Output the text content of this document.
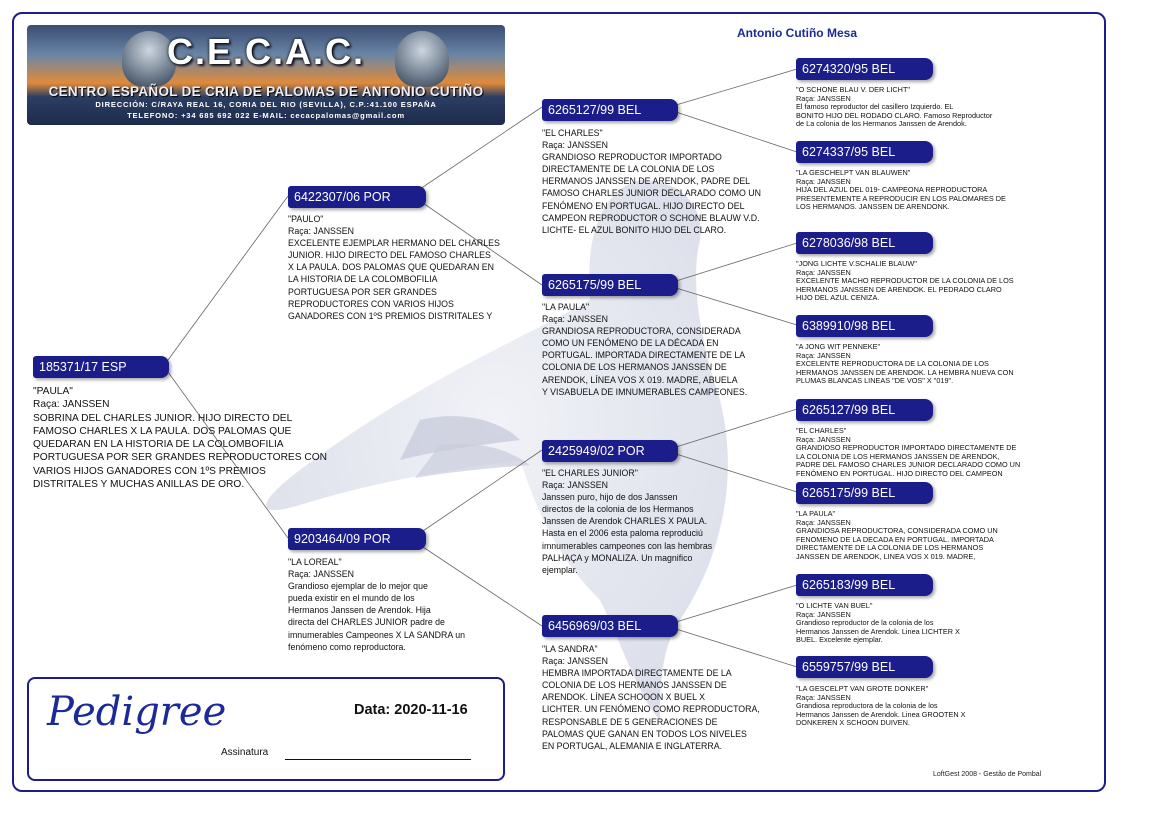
C.E.C.A.C.
CENTRO ESPAÑOL DE CRIA DE PALOMAS DE ANTONIO CUTIÑO
DIRECCIÓN: C/RAYA REAL 16, CORIA DEL RIO (SEVILLA), C.P.:41.100 ESPAÑA
TELEFONO: +34 685 692 022 E-MAIL: cecacpalomas@gmail.com
Antonio Cutiño Mesa
185371/17 ESP
"PAULA"
Raça: JANSSEN
SOBRINA DEL CHARLES JUNIOR. HIJO DIRECTO DEL
FAMOSO CHARLES X LA PAULA. DOS PALOMAS QUE
QUEDARAN EN LA HISTORIA DE LA COLOMBOFILIA
PORTUGUESA POR SER GRANDES REPRODUCTORES CON
VARIOS HIJOS GANADORES CON 1ºS PREMIOS
DISTRITALES Y MUCHAS ANILLAS DE ORO.
6422307/06 POR
"PAULO"
Raça: JANSSEN
EXCELENTE EJEMPLAR HERMANO DEL CHARLES
JUNIOR. HIJO DIRECTO DEL FAMOSO CHARLES
X LA PAULA. DOS PALOMAS QUE QUEDARAN EN
LA HISTORIA DE LA COLOMBOFILIA
PORTUGUESA POR SER GRANDES
REPRODUCTORES CON VARIOS HIJOS
GANADORES CON 1ºS PREMIOS DISTRITALES Y
9203464/09 POR
"LA LOREAL"
Raça: JANSSEN
Grandioso ejemplar de lo mejor que
pueda existir en el mundo de los
Hermanos Janssen de Arendok. Hija
directa del CHARLES JUNIOR padre de
imnumerables Campeones X LA SANDRA un
fenómeno como reproductora.
6265127/99 BEL
"EL CHARLES"
Raça: JANSSEN
GRANDIOSO REPRODUCTOR IMPORTADO
DIRECTAMENTE DE LA COLONIA DE LOS
HERMANOS JANSSEN DE ARENDOK, PADRE DEL
FAMOSO CHARLES JUNIOR DECLARADO COMO UN
FENÓMENO EN PORTUGAL. HIJO DIRECTO DEL
CAMPEON REPRODUCTOR O SCHONE BLAUW V.D.
LICHTE- EL AZUL BONITO HIJO DEL CLARO.
6265175/99 BEL
"LA PAULA"
Raça: JANSSEN
GRANDIOSA REPRODUCTORA, CONSIDERADA
COMO UN FENÓMENO DE LA DÉCADA EN
PORTUGAL. IMPORTADA DIRECTAMENTE DE LA
COLONIA DE LOS HERMANOS JANSSEN DE
ARENDOK, LÍNEA VOS X 019. MADRE, ABUELA
Y VISABUELA DE IMNUMERABLES CAMPEONES.
2425949/02 POR
"EL CHARLES JUNIOR"
Raça: JANSSEN
Janssen puro, hijo de dos Janssen
directos de la colonia de los Hermanos
Janssen de Arendok CHARLES X PAULA.
Hasta en el 2006 esta paloma reproduciú
imnumerables campeones con las hembras
PALHAÇA y MONALIZA. Un magnifico
ejemplar.
6456969/03 BEL
"LA SANDRA"
Raça: JANSSEN
HEMBRA IMPORTADA DIRECTAMENTE DE LA
COLONIA DE LOS HERMANOS JANSSEN DE
ARENDOK. LÍNEA SCHOOON X BUEL X
LICHTER. UN FENÓMENO COMO REPRODUCTORA,
RESPONSABLE DE 5 GENERACIONES DE
PALOMAS QUE GANAN EN TODOS LOS NIVELES
EN PORTUGAL, ALEMANIA E INGLATERRA.
6274320/95 BEL
"O SCHONE BLAU V. DER LICHT"
Raça: JANSSEN
El famoso reproductor del casillero Izquierdo. EL
BONITO HIJO DEL RODADO CLARO. Famoso Reproductor
de La colonia de los Hermanos Janssen de Arendok.
6274337/95 BEL
"LA GESCHELPT VAN BLAUWEN"
Raça: JANSSEN
HIJA DEL AZUL DEL 019- CAMPEONA REPRODUCTORA
PRESENTEMENTE A REPRODUCIR EN LOS PALOMARES DE
LOS HERMANOS. JANSSEN DE ARENDONK.
6278036/98 BEL
"JONG LICHTE V.SCHALIE BLAUW"
Raça: JANSSEN
EXCELENTE MACHO REPRODUCTOR DE LA COLONIA DE LOS
HERMANOS JANSSEN DE ARENDOK. EL PEDRADO CLARO
HIJO DEL AZUL CENIZA.
6389910/98 BEL
"A JONG WIT PENNEKE"
Raça: JANSSEN
EXCELENTE REPRODUCTORA DE LA COLONIA DE LOS
HERMANOS JANSSEN DE ARENDOK. LA HEMBRA NUEVA CON
PLUMAS BLANCAS LINEAS "DE VOS" X "019".
6265127/99 BEL
"EL CHARLES"
Raça: JANSSEN
GRANDIOSO REPRODUCTOR IMPORTADO DIRECTAMENTE DE
LA COLONIA DE LOS HERMANOS JANSSEN DE ARENDOK,
PADRE DEL FAMOSO CHARLES JUNIOR DECLARADO COMO UN
FENÓMENO EN PORTUGAL. HIJO DIRECTO DEL CAMPEON
6265175/99 BEL
"LA PAULA"
Raça: JANSSEN
GRANDIOSA REPRODUCTORA, CONSIDERADA COMO UN
FENOMENO DE LA DECADA EN PORTUGAL. IMPORTADA
DIRECTAMENTE DE LA COLONIA DE LOS HERMANOS
JANSSEN DE ARENDOK, LINEA VOS X 019. MADRE,
6265183/99 BEL
"O LICHTE VAN BUEL"
Raça: JANSSEN
Grandioso reproductor de la colonia de los
Hermanos Janssen de Arendok. Linea LICHTER X
BUEL. Excelente ejemplar.
6559757/99 BEL
"LA GESCELPT VAN GROTE DONKER"
Raça: JANSSEN
Grandiosa reproductora de la colonia de los
Hermanos Janssen de Arendok. Linea GROOTEN X
DONKEREN X SCHOON DUIVEN.
Pedigree	Data: 2020-11-16
Assinatura
LoftGest 2008 - Gestão de Pombal
